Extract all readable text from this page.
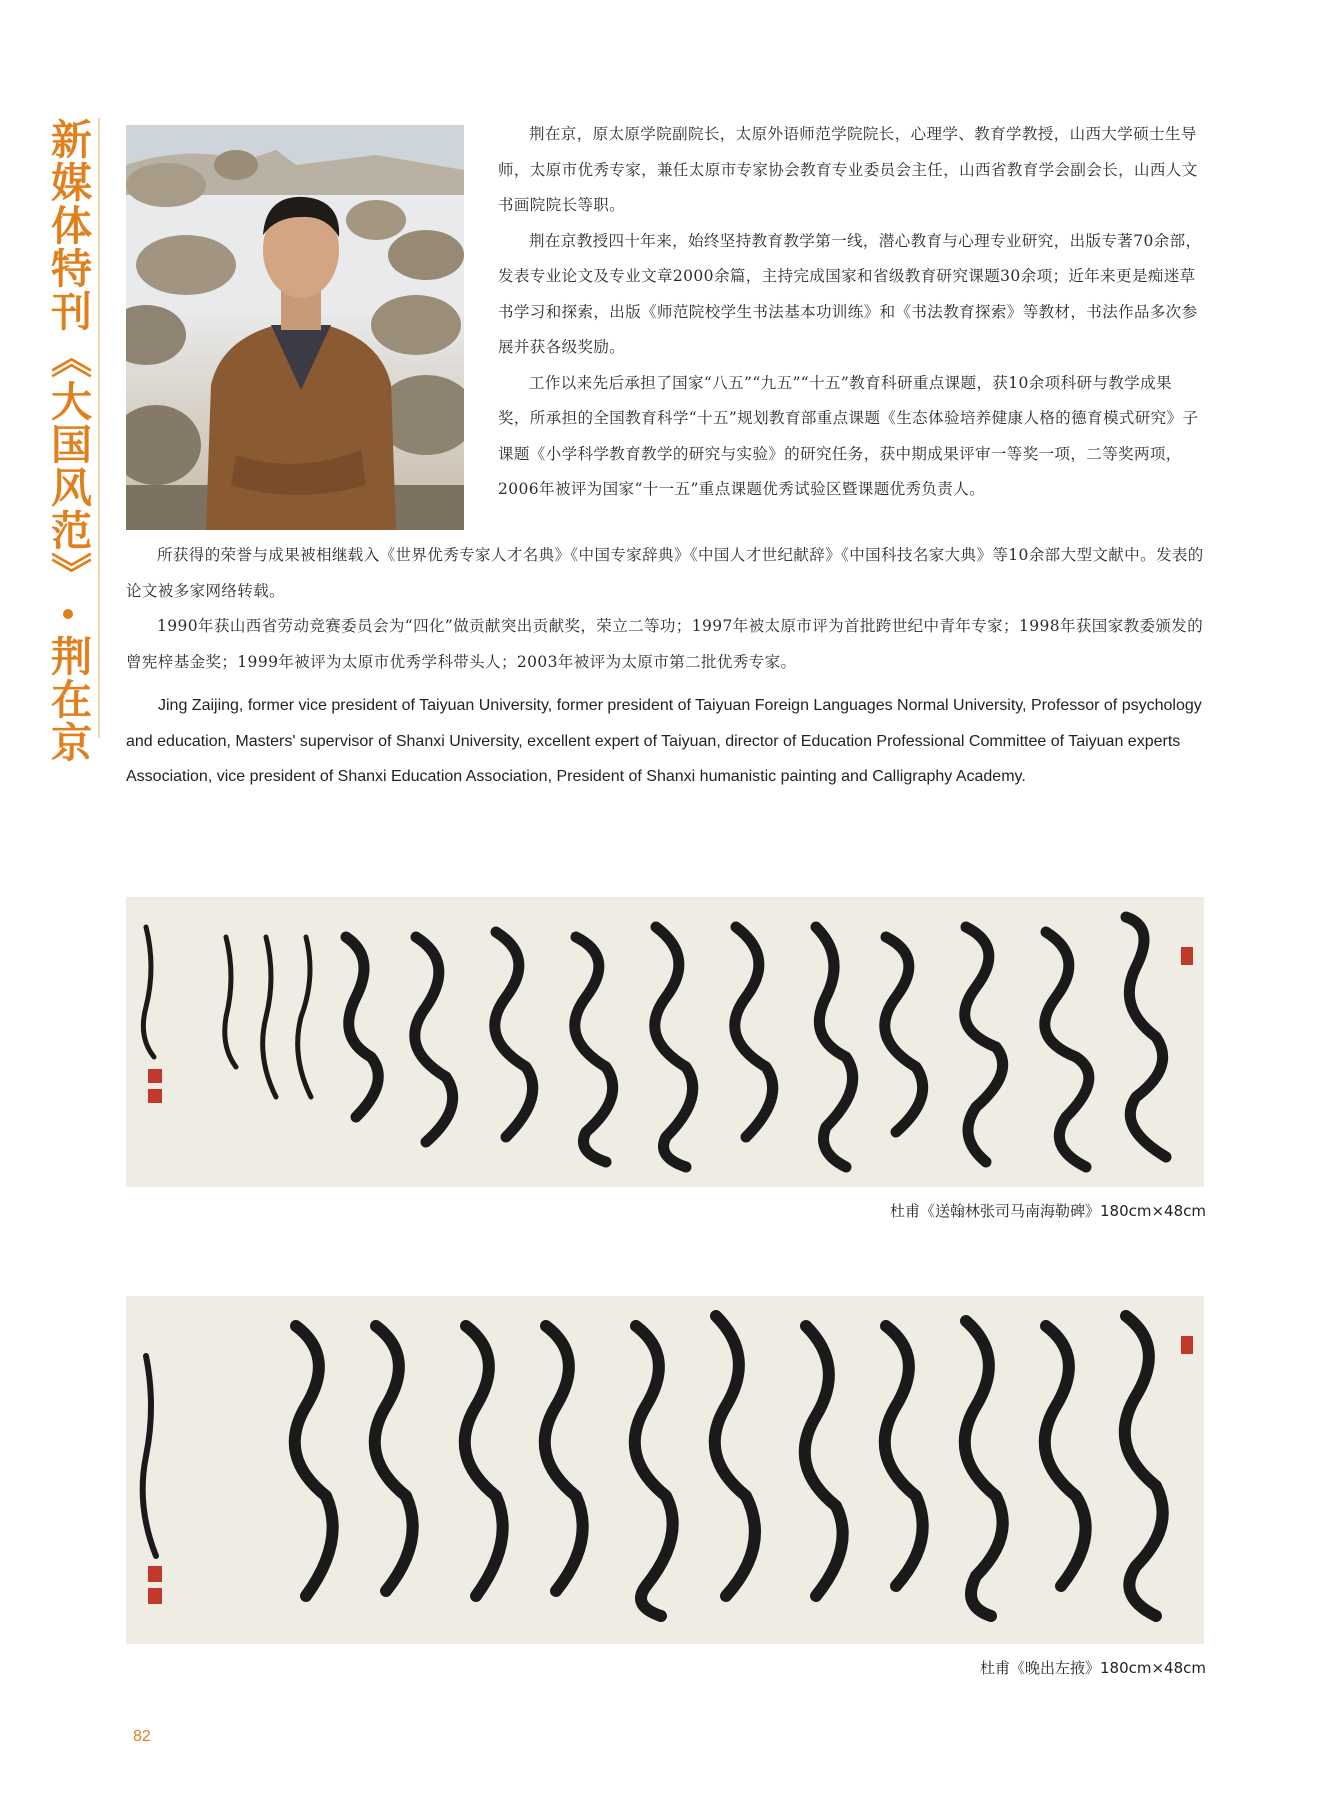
新媒体特刊
《大国风范》
荆在京

荆在京，原太原学院副院长，太原外语师范学院院长，心理学、教育学教授，山西大学硕士生导师，太原市优秀专家，兼任太原市专家协会教育专业委员会主任，山西省教育学会副会长，山西人文书画院院长等职。

荆在京教授四十年来，始终坚持教育教学第一线，潜心教育与心理专业研究，出版专著70余部，发表专业论文及专业文章2000余篇，主持完成国家和省级教育研究课题30余项；近年来更是痴迷草书学习和探索，出版《师范院校学生书法基本功训练》和《书法教育探索》等教材，书法作品多次参展并获各级奖励。

工作以来先后承担了国家“八五”“九五”“十五”教育科研重点课题，获10余项科研与教学成果奖，所承担的全国教育科学“十五”规划教育部重点课题《生态体验培养健康人格的德育模式研究》子课题《小学科学教育教学的研究与实验》的研究任务，获中期成果评审一等奖一项，二等奖两项，2006年被评为国家“十一五”重点课题优秀试验区暨课题优秀负责人。

所获得的荣誉与成果被相继载入《世界优秀专家人才名典》《中国专家辞典》《中国人才世纪献辞》《中国科技名家大典》等10余部大型文献中。发表的论文被多家网络转载。

1990年获山西省劳动竞赛委员会为“四化”做贡献突出贡献奖，荣立二等功；1997年被太原市评为首批跨世纪中青年专家；1998年获国家教委颁发的曾宪梓基金奖；1999年被评为太原市优秀学科带头人；2003年被评为太原市第二批优秀专家。

Jing Zaijing, former vice president of Taiyuan University, former president of Taiyuan Foreign Languages Normal University, Professor of psychology and education, Masters' supervisor of Shanxi University, excellent expert of Taiyuan, director of Education Professional Committee of Taiyuan experts Association, vice president of Shanxi Education Association, President of Shanxi humanistic painting and Calligraphy Academy.

杜甫《送翰林张司马南海勒碑》180cm×48cm
杜甫《晚出左掖》180cm×48cm
82
